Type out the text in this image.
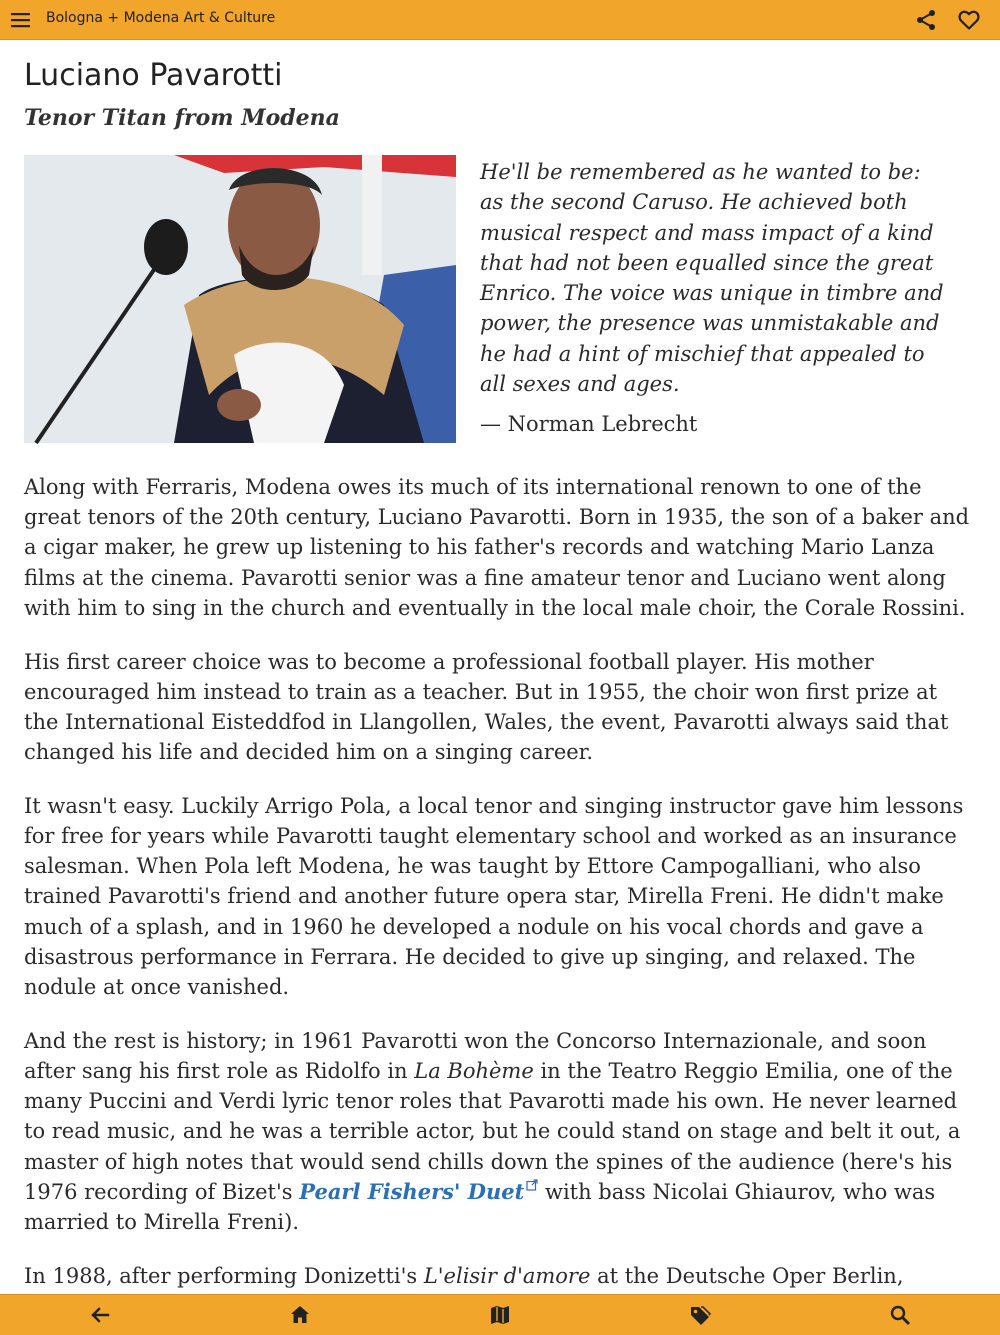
Bologna + Modena Art & Culture
Luciano Pavarotti
Tenor Titan from Modena

He'll be remembered as he wanted to be: as the second Caruso. He achieved both musical respect and mass impact of a kind that had not been equalled since the great Enrico. The voice was unique in timbre and power, the presence was unmistakable and he had a hint of mischief that appealed to all sexes and ages.

— Norman Lebrecht

Along with Ferraris, Modena owes its much of its international renown to one of the great tenors of the 20th century, Luciano Pavarotti. Born in 1935, the son of a baker and a cigar maker, he grew up listening to his father's records and watching Mario Lanza films at the cinema. Pavarotti senior was a fine amateur tenor and Luciano went along with him to sing in the church and eventually in the local male choir, the Corale Rossini.

His first career choice was to become a professional football player. His mother encouraged him instead to train as a teacher. But in 1955, the choir won first prize at the International Eisteddfod in Llangollen, Wales, the event, Pavarotti always said that changed his life and decided him on a singing career.

It wasn't easy. Luckily Arrigo Pola, a local tenor and singing instructor gave him lessons for free for years while Pavarotti taught elementary school and worked as an insurance salesman. When Pola left Modena, he was taught by Ettore Campogalliani, who also trained Pavarotti's friend and another future opera star, Mirella Freni. He didn't make much of a splash, and in 1960 he developed a nodule on his vocal chords and gave a disastrous performance in Ferrara. He decided to give up singing, and relaxed. The nodule at once vanished.

And the rest is history; in 1961 Pavarotti won the Concorso Internazionale, and soon after sang his first role as Ridolfo in La Bohème in the Teatro Reggio Emilia, one of the many Puccini and Verdi lyric tenor roles that Pavarotti made his own. He never learned to read music, and he was a terrible actor, but he could stand on stage and belt it out, a master of high notes that would send chills down the spines of the audience (here's his 1976 recording of Bizet's Pearl Fishers' Duet with bass Nicolai Ghiaurov, who was married to Mirella Freni).

In 1988, after performing Donizetti's L'elisir d'amore at the Deutsche Oper Berlin,
